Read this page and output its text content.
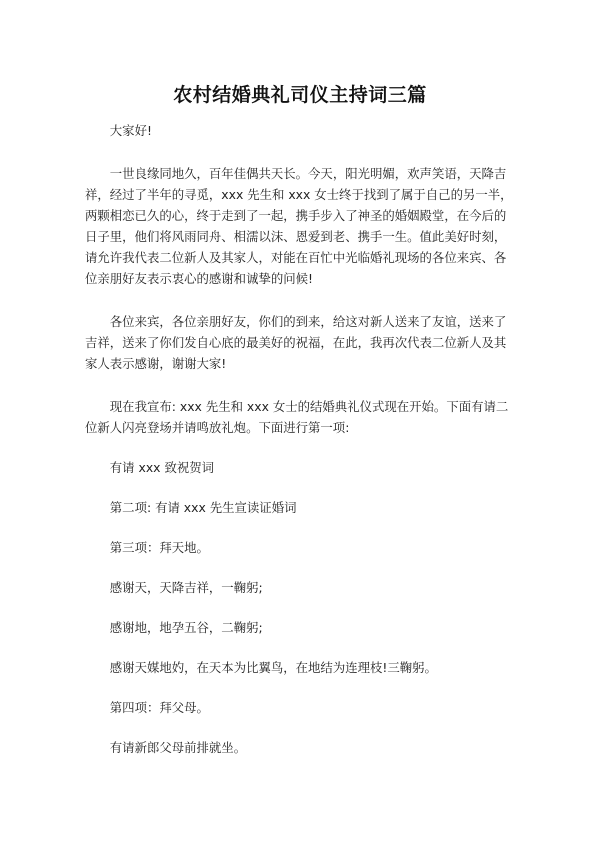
农村结婚典礼司仪主持词三篇

大家好!

一世良缘同地久，百年佳偶共天长。今天，阳光明媚，欢声笑语，天降吉祥，经过了半年的寻觅，xxx 先生和 xxx 女士终于找到了属于自己的另一半，两颗相恋已久的心，终于走到了一起，携手步入了神圣的婚姻殿堂，在今后的日子里，他们将风雨同舟、相濡以沫、恩爱到老、携手一生。值此美好时刻，请允许我代表二位新人及其家人，对能在百忙中光临婚礼现场的各位来宾、各位亲朋好友表示衷心的感谢和诚挚的问候!

各位来宾，各位亲朋好友，你们的到来，给这对新人送来了友谊，送来了吉祥，送来了你们发自心底的最美好的祝福，在此，我再次代表二位新人及其家人表示感谢，谢谢大家!

现在我宣布: xxx 先生和 xxx 女士的结婚典礼仪式现在开始。下面有请二位新人闪亮登场并请鸣放礼炮。下面进行第一项:

有请 xxx 致祝贺词

第二项: 有请 xxx 先生宣读证婚词

第三项：拜天地。

感谢天，天降吉祥，一鞠躬;

感谢地，地孕五谷，二鞠躬;

感谢天媒地妁，在天本为比翼鸟，在地结为连理枝!三鞠躬。

第四项：拜父母。

有请新郎父母前排就坐。
